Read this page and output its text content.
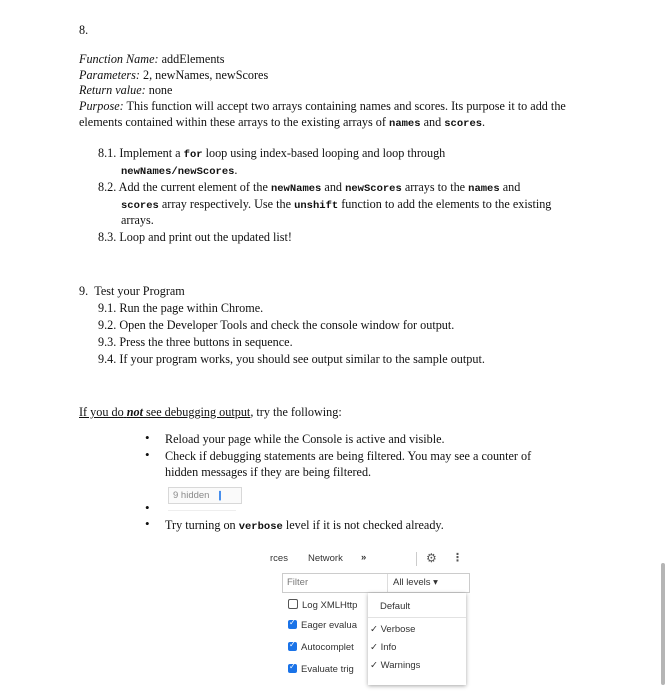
8.
Function Name: addElements
Parameters: 2, newNames, newScores
Return value: none
Purpose: This function will accept two arrays containing names and scores. Its purpose it to add the
elements contained within these arrays to the existing arrays of names and scores.
8.1. Implement a for loop using index-based looping and loop through
newNames/newScores.
8.2. Add the current element of the newNames and newScores arrays to the names and
scores array respectively. Use the unshift function to add the elements to the existing
arrays.
8.3. Loop and print out the updated list!
9. Test your Program
9.1. Run the page within Chrome.
9.2. Open the Developer Tools and check the console window for output.
9.3. Press the three buttons in sequence.
9.4. If your program works, you should see output similar to the sample output.
If you do not see debugging output, try the following:
• Reload your page while the Console is active and visible.
• Check if debugging statements are being filtered. You may see a counter of
hidden messages if they are being filtered.
9 hidden ❙
•
• Try turning on verbose level if it is not checked already.
rces Network »	⚙ ⋮
Filter	All levels ▾
Log XMLHttp
✓Eager evalua
✓Autocomplet
✓Evaluate trig
Default
✓ Verbose
✓ Info
✓ Warnings
